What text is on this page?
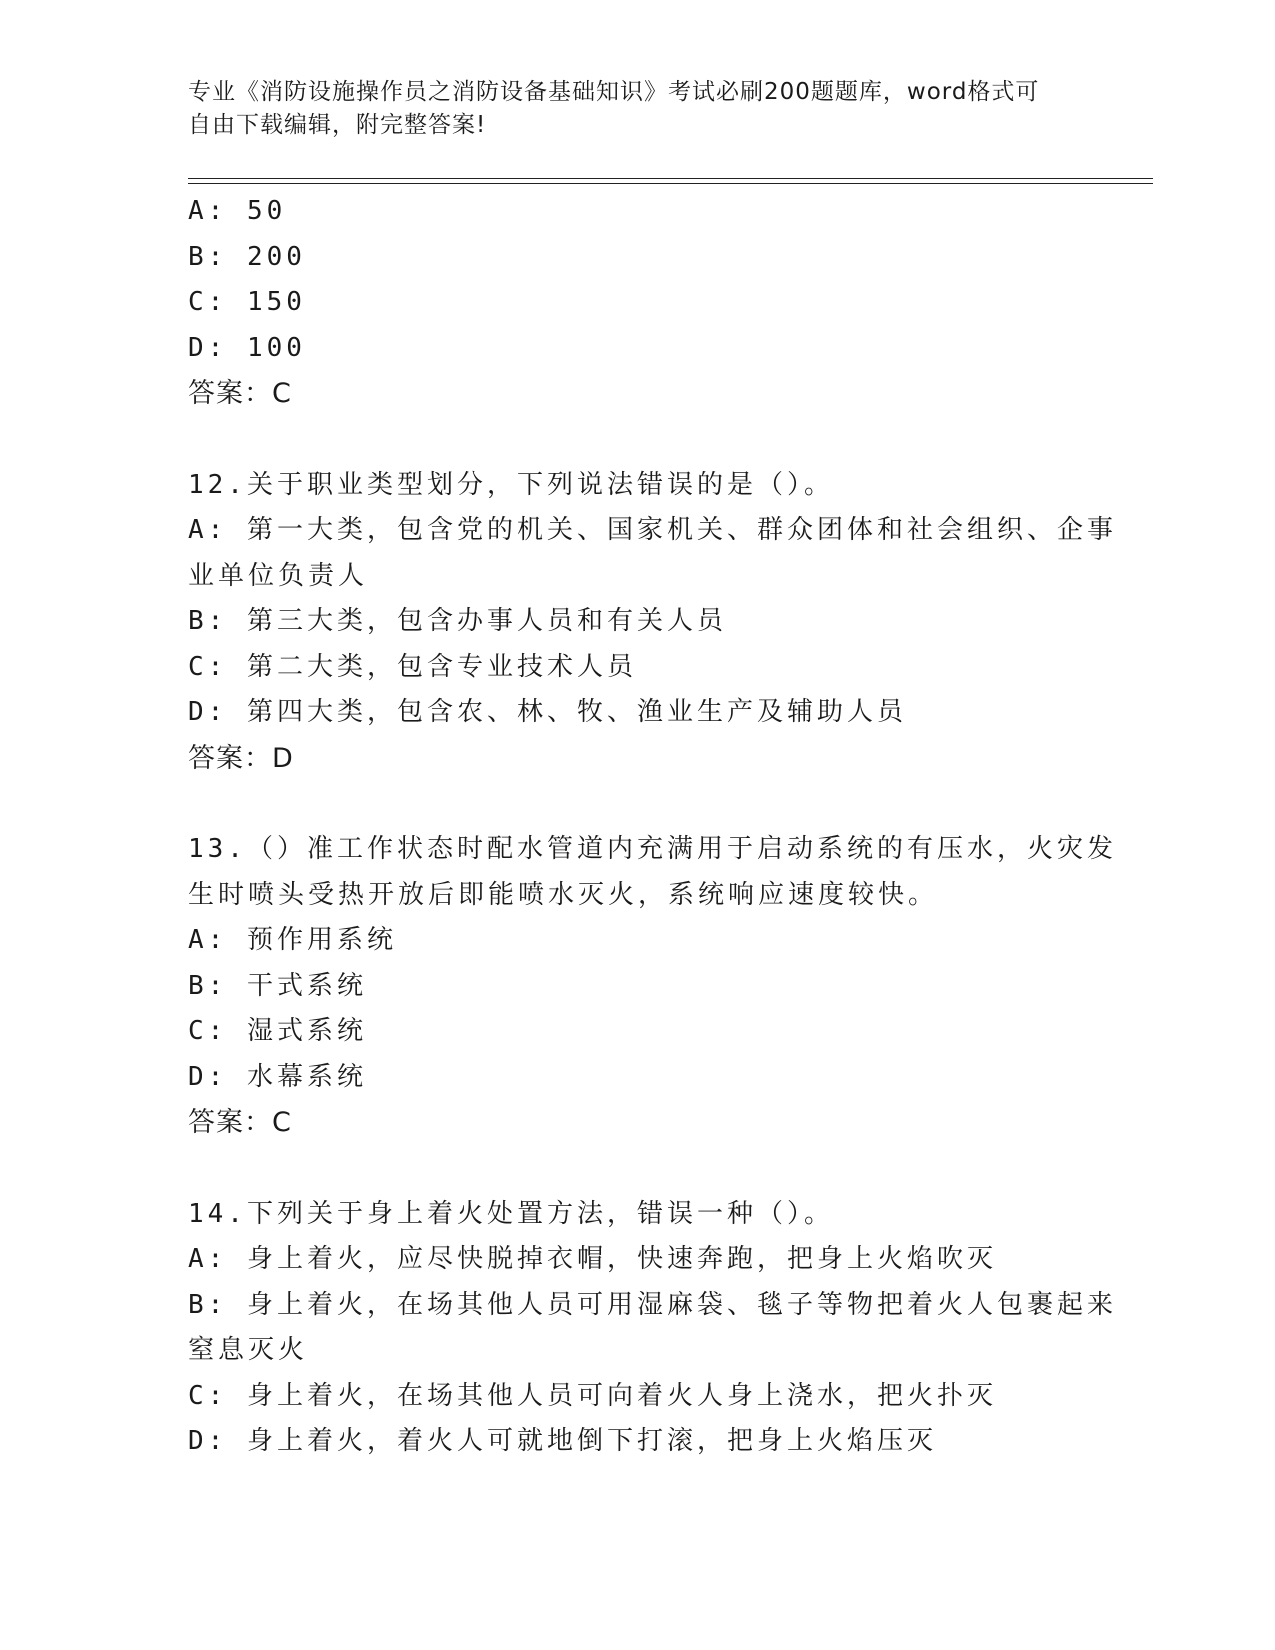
专业《消防设施操作员之消防设备基础知识》考试必刷200题题库，word格式可
自由下载编辑，附完整答案!
A: 50
B: 200
C: 150
D: 100
答案：C
12.关于职业类型划分，下列说法错误的是（）。
A: 第一大类，包含党的机关、国家机关、群众团体和社会组织、企事
业单位负责人
B: 第三大类，包含办事人员和有关人员
C: 第二大类，包含专业技术人员
D: 第四大类，包含农、林、牧、渔业生产及辅助人员
答案：D
13.（）准工作状态时配水管道内充满用于启动系统的有压水，火灾发
生时喷头受热开放后即能喷水灭火，系统响应速度较快。
A: 预作用系统
B: 干式系统
C: 湿式系统
D: 水幕系统
答案：C
14.下列关于身上着火处置方法，错误一种（）。
A: 身上着火，应尽快脱掉衣帽，快速奔跑，把身上火焰吹灭
B: 身上着火，在场其他人员可用湿麻袋、毯子等物把着火人包裹起来
窒息灭火
C: 身上着火，在场其他人员可向着火人身上浇水，把火扑灭
D: 身上着火，着火人可就地倒下打滚，把身上火焰压灭
